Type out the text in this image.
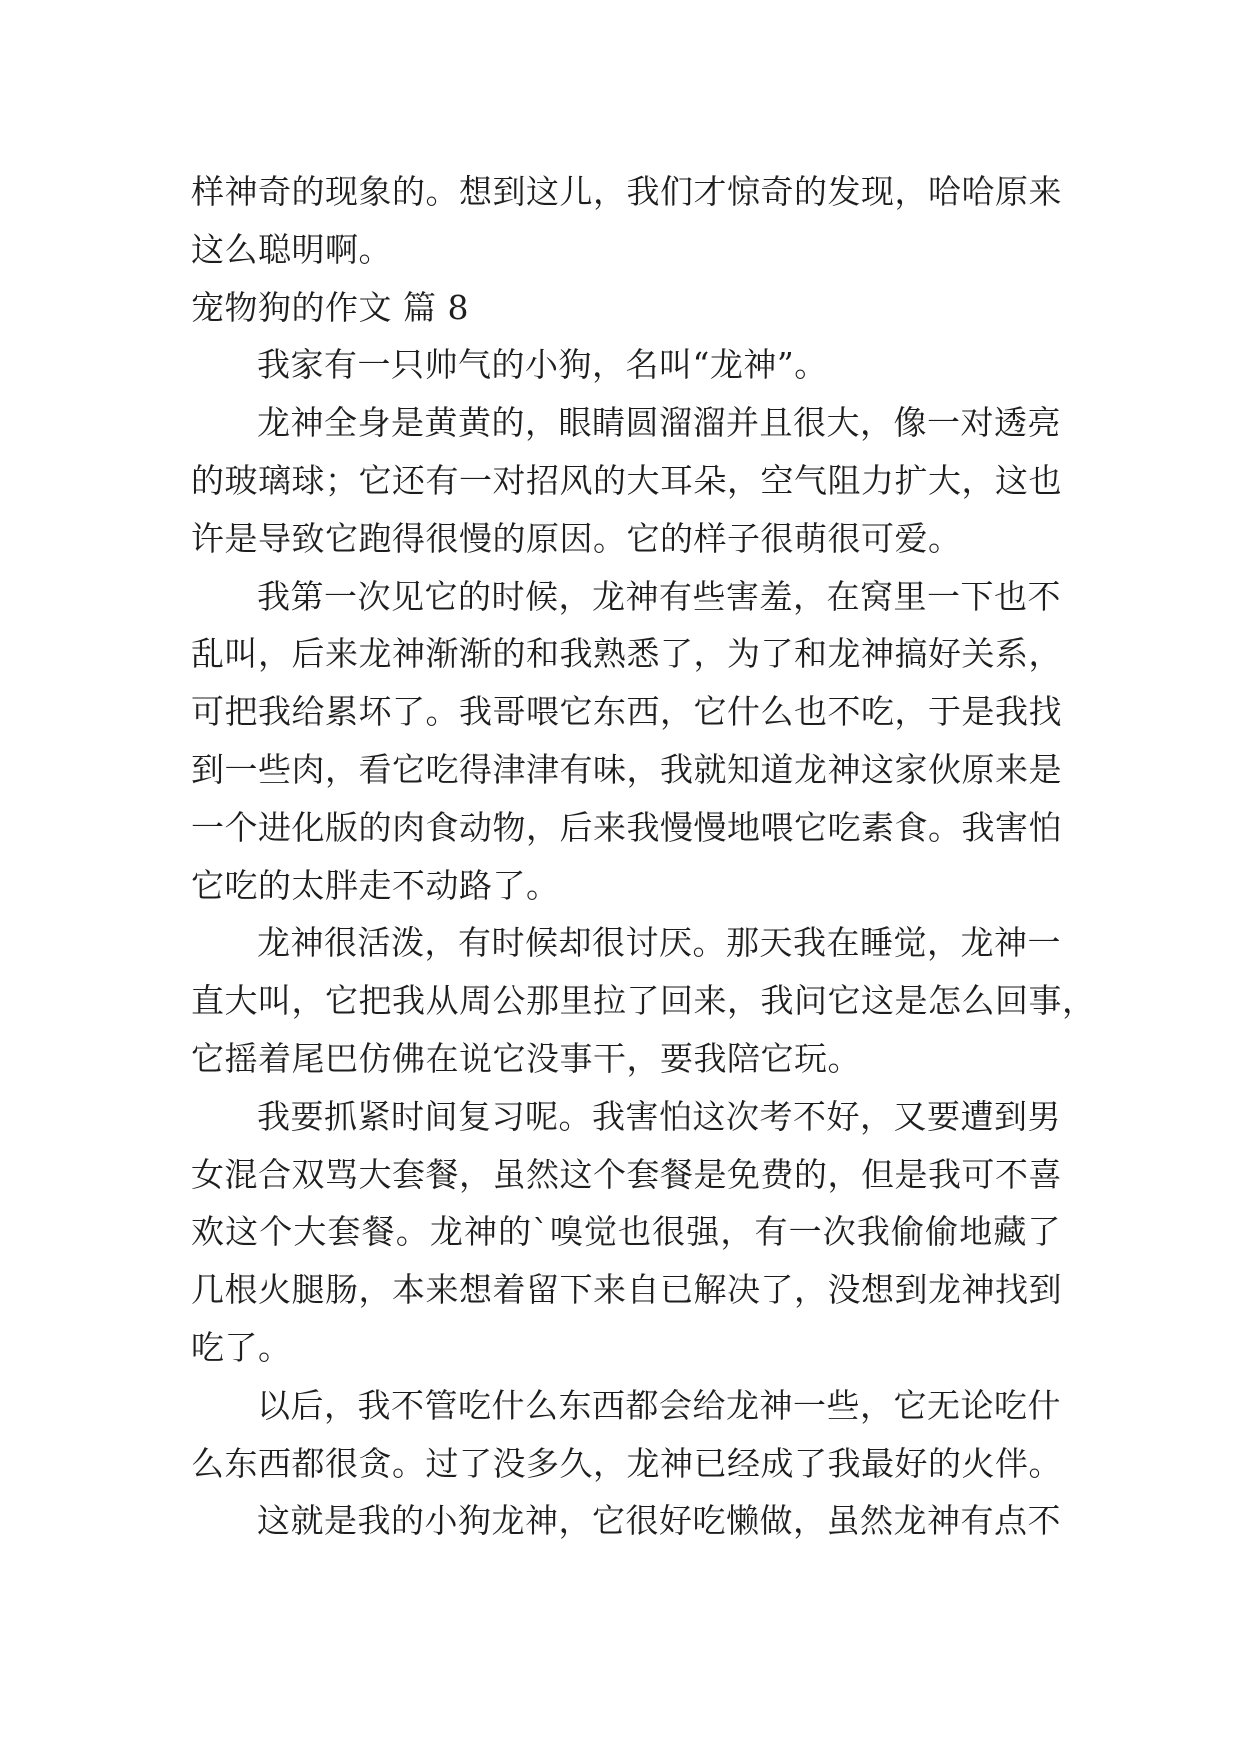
样神奇的现象的。想到这儿，我们才惊奇的发现，哈哈原来
这么聪明啊。
宠物狗的作文 篇 8
我家有一只帅气的小狗，名叫“龙神”。
龙神全身是黄黄的，眼睛圆溜溜并且很大，像一对透亮
的玻璃球；它还有一对招风的大耳朵，空气阻力扩大，这也
许是导致它跑得很慢的原因。它的样子很萌很可爱。
我第一次见它的时候，龙神有些害羞，在窝里一下也不
乱叫，后来龙神渐渐的和我熟悉了，为了和龙神搞好关系，
可把我给累坏了。我哥喂它东西，它什么也不吃，于是我找
到一些肉，看它吃得津津有味，我就知道龙神这家伙原来是
一个进化版的肉食动物，后来我慢慢地喂它吃素食。我害怕
它吃的太胖走不动路了。
龙神很活泼，有时候却很讨厌。那天我在睡觉，龙神一
直大叫，它把我从周公那里拉了回来，我问它这是怎么回事，
它摇着尾巴仿佛在说它没事干，要我陪它玩。
我要抓紧时间复习呢。我害怕这次考不好，又要遭到男
女混合双骂大套餐，虽然这个套餐是免费的，但是我可不喜
欢这个大套餐。龙神的`嗅觉也很强，有一次我偷偷地藏了
几根火腿肠，本来想着留下来自已解决了，没想到龙神找到
吃了。
以后，我不管吃什么东西都会给龙神一些，它无论吃什
么东西都很贪。过了没多久，龙神已经成了我最好的火伴。
这就是我的小狗龙神，它很好吃懒做，虽然龙神有点不
